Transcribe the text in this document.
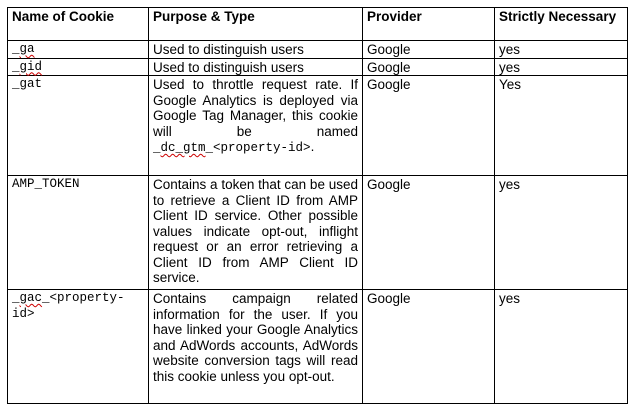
Name of Cookie	Purpose & Type	Provider	Strictly Necessary
_ga	Used to distinguish users	Google	yes
_gid	Used to distinguish users	Google	yes
_gat	Used to throttle request rate. If Google Analytics is deployed via Google Tag Manager, this cookie will be named _dc_gtm_<property-id>.	Google	Yes
AMP_TOKEN	Contains a token that can be used to retrieve a Client ID from AMP Client ID service. Other possible values indicate opt-out, inflight request or an error retrieving a Client ID from AMP Client ID service.	Google	yes
_gac_<property-id>	Contains campaign related information for the user. If you have linked your Google Analytics and AdWords accounts, AdWords website conversion tags will read this cookie unless you opt-out.	Google	yes
